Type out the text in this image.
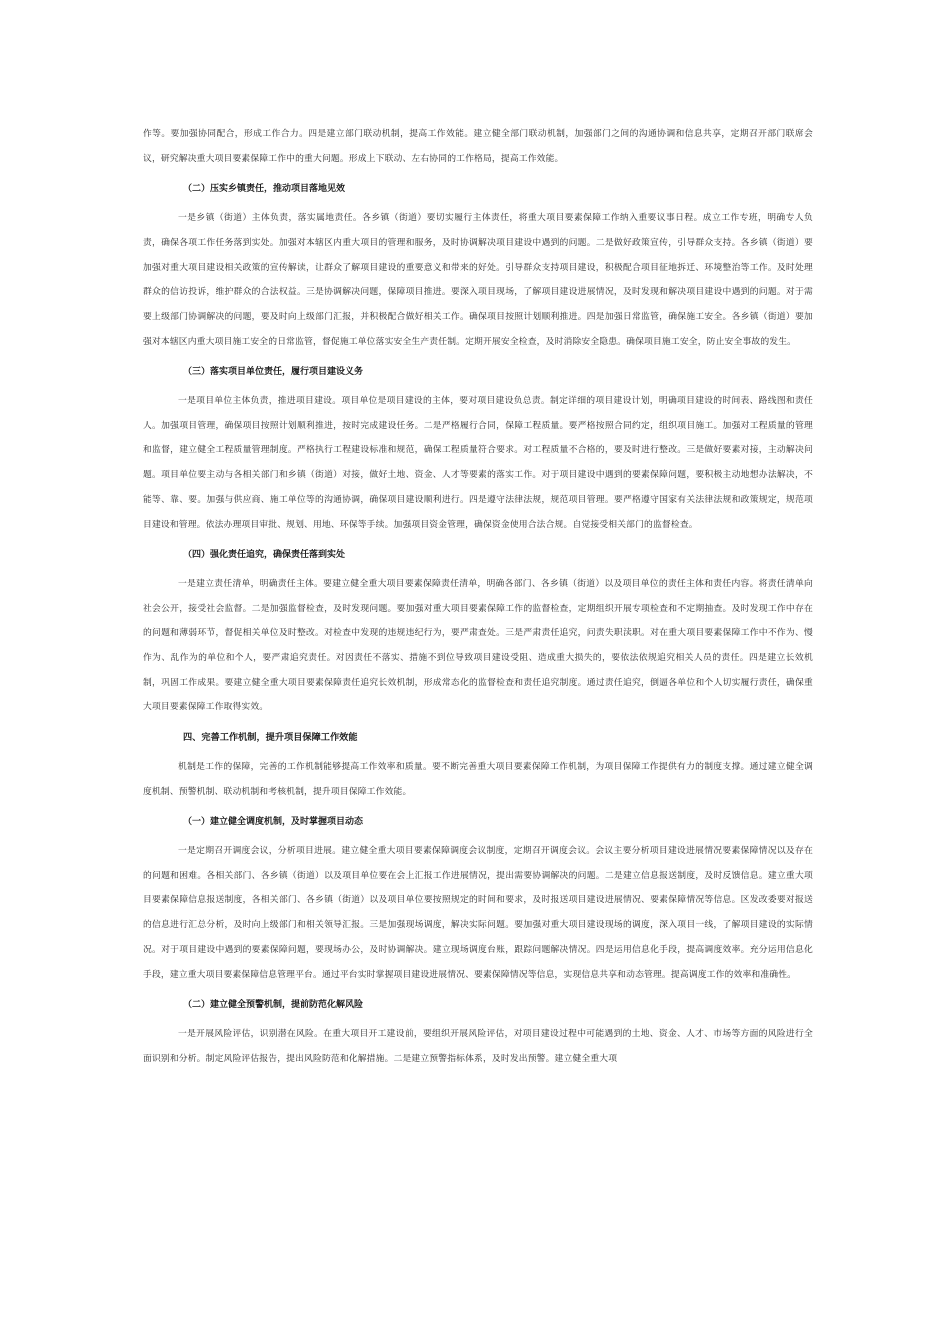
作等。要加强协同配合，形成工作合力。四是建立部门联动机制，提高工作效能。建立健全部门联动机制，加强部门之间的沟通协调和信息共享，定期召开部门联席会议，研究解决重大项目要素保障工作中的重大问题。形成上下联动、左右协同的工作格局，提高工作效能。

（二）压实乡镇责任，推动项目落地见效

一是乡镇（街道）主体负责，落实属地责任。各乡镇（街道）要切实履行主体责任，将重大项目要素保障工作纳入重要议事日程。成立工作专班，明确专人负责，确保各项工作任务落到实处。加强对本辖区内重大项目的管理和服务，及时协调解决项目建设中遇到的问题。二是做好政策宣传，引导群众支持。各乡镇（街道）要加强对重大项目建设相关政策的宣传解读，让群众了解项目建设的重要意义和带来的好处。引导群众支持项目建设，积极配合项目征地拆迁、环境整治等工作。及时处理群众的信访投诉，维护群众的合法权益。三是协调解决问题，保障项目推进。要深入项目现场，了解项目建设进展情况，及时发现和解决项目建设中遇到的问题。对于需要上级部门协调解决的问题，要及时向上级部门汇报，并积极配合做好相关工作。确保项目按照计划顺利推进。四是加强日常监管，确保施工安全。各乡镇（街道）要加强对本辖区内重大项目施工安全的日常监管，督促施工单位落实安全生产责任制。定期开展安全检查，及时消除安全隐患。确保项目施工安全，防止安全事故的发生。

（三）落实项目单位责任，履行项目建设义务

一是项目单位主体负责，推进项目建设。项目单位是项目建设的主体，要对项目建设负总责。制定详细的项目建设计划，明确项目建设的时间表、路线图和责任人。加强项目管理，确保项目按照计划顺利推进，按时完成建设任务。二是严格履行合同，保障工程质量。要严格按照合同约定，组织项目施工。加强对工程质量的管理和监督，建立健全工程质量管理制度。严格执行工程建设标准和规范，确保工程质量符合要求。对工程质量不合格的，要及时进行整改。三是做好要素对接，主动解决问题。项目单位要主动与各相关部门和乡镇（街道）对接，做好土地、资金、人才等要素的落实工作。对于项目建设中遇到的要素保障问题，要积极主动地想办法解决，不能等、靠、要。加强与供应商、施工单位等的沟通协调，确保项目建设顺利进行。四是遵守法律法规，规范项目管理。要严格遵守国家有关法律法规和政策规定，规范项目建设和管理。依法办理项目审批、规划、用地、环保等手续。加强项目资金管理，确保资金使用合法合规。自觉接受相关部门的监督检查。

（四）强化责任追究，确保责任落到实处

一是建立责任清单，明确责任主体。要建立健全重大项目要素保障责任清单，明确各部门、各乡镇（街道）以及项目单位的责任主体和责任内容。将责任清单向社会公开，接受社会监督。二是加强监督检查，及时发现问题。要加强对重大项目要素保障工作的监督检查，定期组织开展专项检查和不定期抽查。及时发现工作中存在的问题和薄弱环节，督促相关单位及时整改。对检查中发现的违规违纪行为，要严肃查处。三是严肃责任追究，问责失职渎职。对在重大项目要素保障工作中不作为、慢作为、乱作为的单位和个人，要严肃追究责任。对因责任不落实、措施不到位导致项目建设受阻、造成重大损失的，要依法依规追究相关人员的责任。四是建立长效机制，巩固工作成果。要建立健全重大项目要素保障责任追究长效机制，形成常态化的监督检查和责任追究制度。通过责任追究，倒逼各单位和个人切实履行责任，确保重大项目要素保障工作取得实效。

四、完善工作机制，提升项目保障工作效能

机制是工作的保障，完善的工作机制能够提高工作效率和质量。要不断完善重大项目要素保障工作机制，为项目保障工作提供有力的制度支撑。通过建立健全调度机制、预警机制、联动机制和考核机制，提升项目保障工作效能。

（一）建立健全调度机制，及时掌握项目动态

一是定期召开调度会议，分析项目进展。建立健全重大项目要素保障调度会议制度，定期召开调度会议。会议主要分析项目建设进展情况要素保障情况以及存在的问题和困难。各相关部门、各乡镇（街道）以及项目单位要在会上汇报工作进展情况，提出需要协调解决的问题。二是建立信息报送制度，及时反馈信息。建立重大项目要素保障信息报送制度，各相关部门、各乡镇（街道）以及项目单位要按照规定的时间和要求，及时报送项目建设进展情况、要素保障情况等信息。区发改委要对报送的信息进行汇总分析，及时向上级部门和相关领导汇报。三是加强现场调度，解决实际问题。要加强对重大项目建设现场的调度，深入项目一线，了解项目建设的实际情况。对于项目建设中遇到的要素保障问题，要现场办公，及时协调解决。建立现场调度台账，跟踪问题解决情况。四是运用信息化手段，提高调度效率。充分运用信息化手段，建立重大项目要素保障信息管理平台。通过平台实时掌握项目建设进展情况、要素保障情况等信息，实现信息共享和动态管理。提高调度工作的效率和准确性。

（二）建立健全预警机制，提前防范化解风险

一是开展风险评估，识别潜在风险。在重大项目开工建设前，要组织开展风险评估，对项目建设过程中可能遇到的土地、资金、人才、市场等方面的风险进行全面识别和分析。制定风险评估报告，提出风险防范和化解措施。二是建立预警指标体系，及时发出预警。建立健全重大项
